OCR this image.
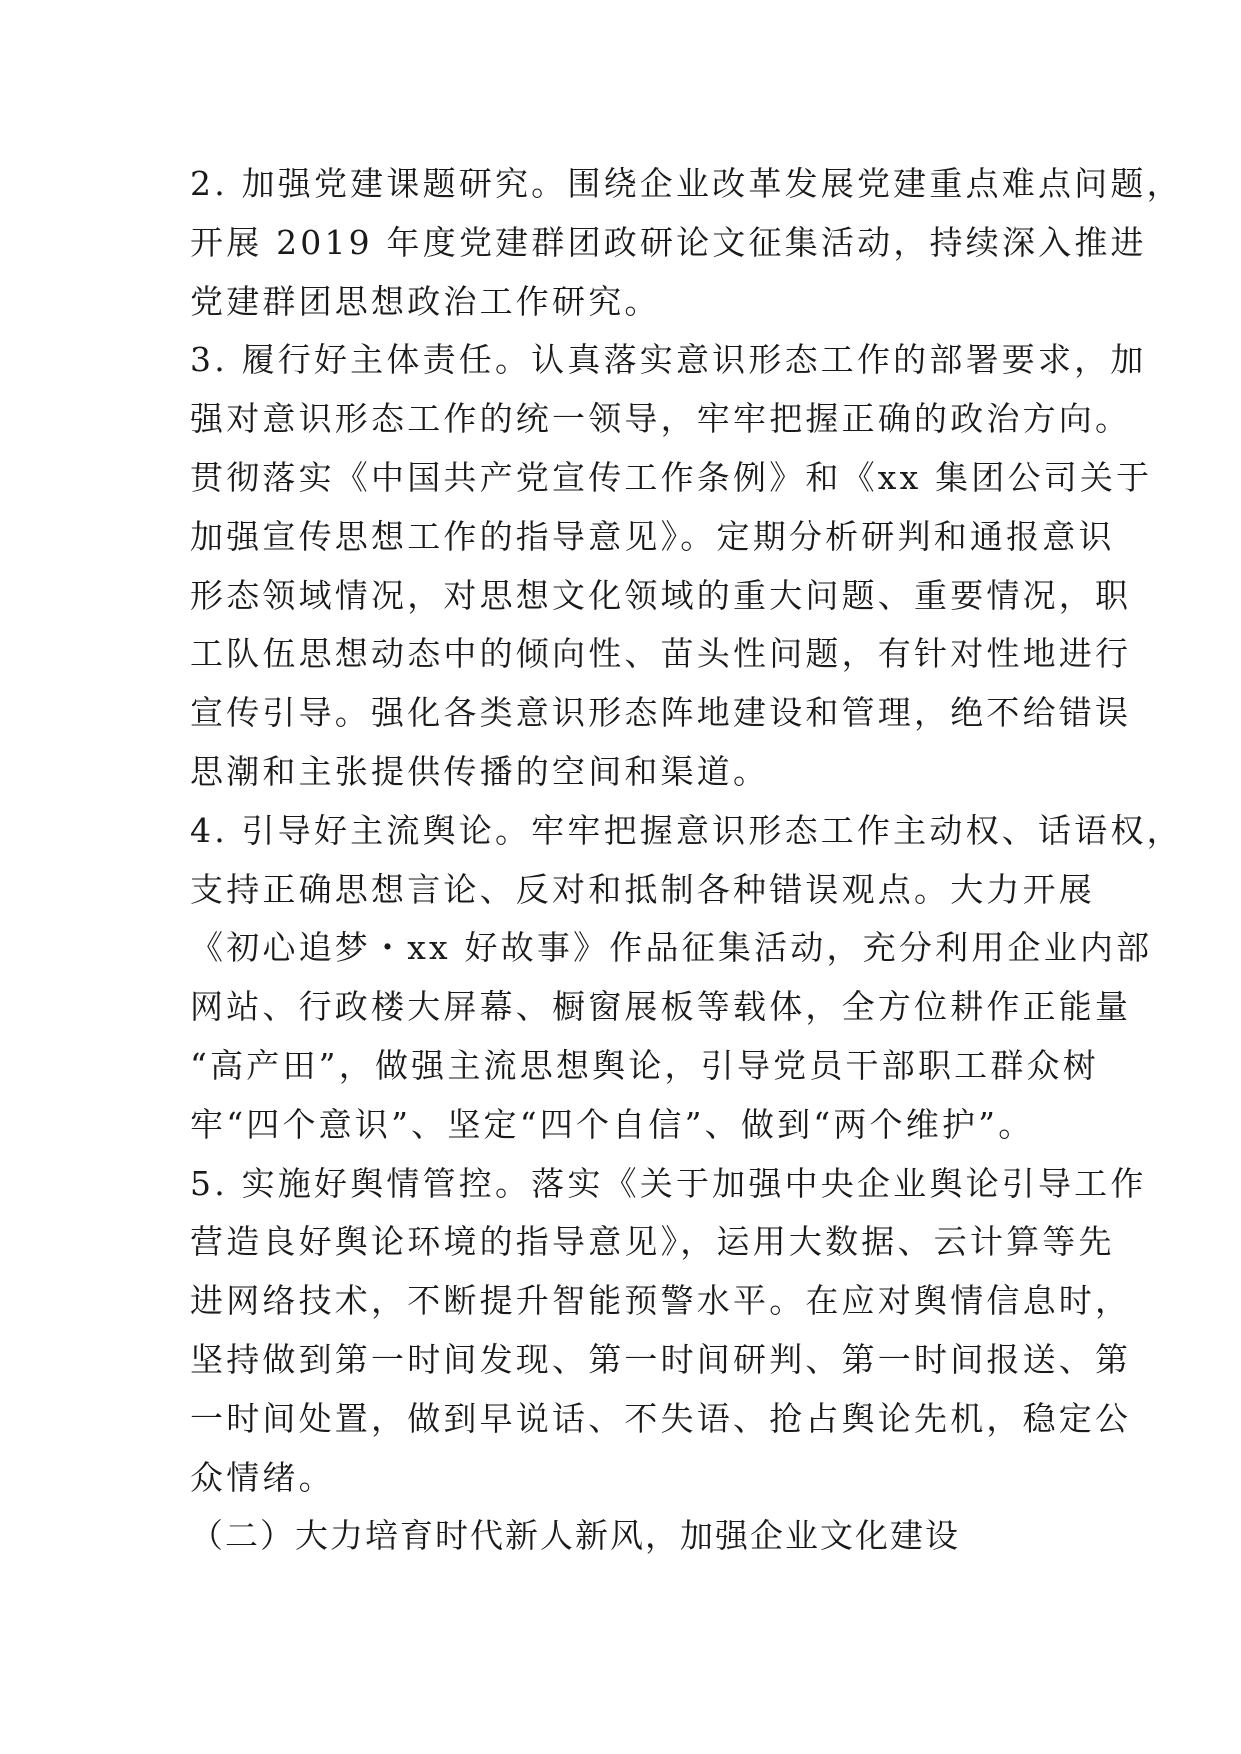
2. 加强党建课题研究。围绕企业改革发展党建重点难点问题，
开展 2019 年度党建群团政研论文征集活动，持续深入推进
党建群团思想政治工作研究。
3. 履行好主体责任。认真落实意识形态工作的部署要求，加
强对意识形态工作的统一领导，牢牢把握正确的政治方向。
贯彻落实《中国共产党宣传工作条例》和《xx 集团公司关于
加强宣传思想工作的指导意见》。定期分析研判和通报意识
形态领域情况，对思想文化领域的重大问题、重要情况，职
工队伍思想动态中的倾向性、苗头性问题，有针对性地进行
宣传引导。强化各类意识形态阵地建设和管理，绝不给错误
思潮和主张提供传播的空间和渠道。
4. 引导好主流舆论。牢牢把握意识形态工作主动权、话语权，
支持正确思想言论、反对和抵制各种错误观点。大力开展
《初心追梦・xx 好故事》作品征集活动，充分利用企业内部
网站、行政楼大屏幕、橱窗展板等载体，全方位耕作正能量
“高产田”，做强主流思想舆论，引导党员干部职工群众树
牢“四个意识”、坚定“四个自信”、做到“两个维护”。
5. 实施好舆情管控。落实《关于加强中央企业舆论引导工作
营造良好舆论环境的指导意见》，运用大数据、云计算等先
进网络技术，不断提升智能预警水平。在应对舆情信息时，
坚持做到第一时间发现、第一时间研判、第一时间报送、第
一时间处置，做到早说话、不失语、抢占舆论先机，稳定公
众情绪。
（二）大力培育时代新人新风，加强企业文化建设
